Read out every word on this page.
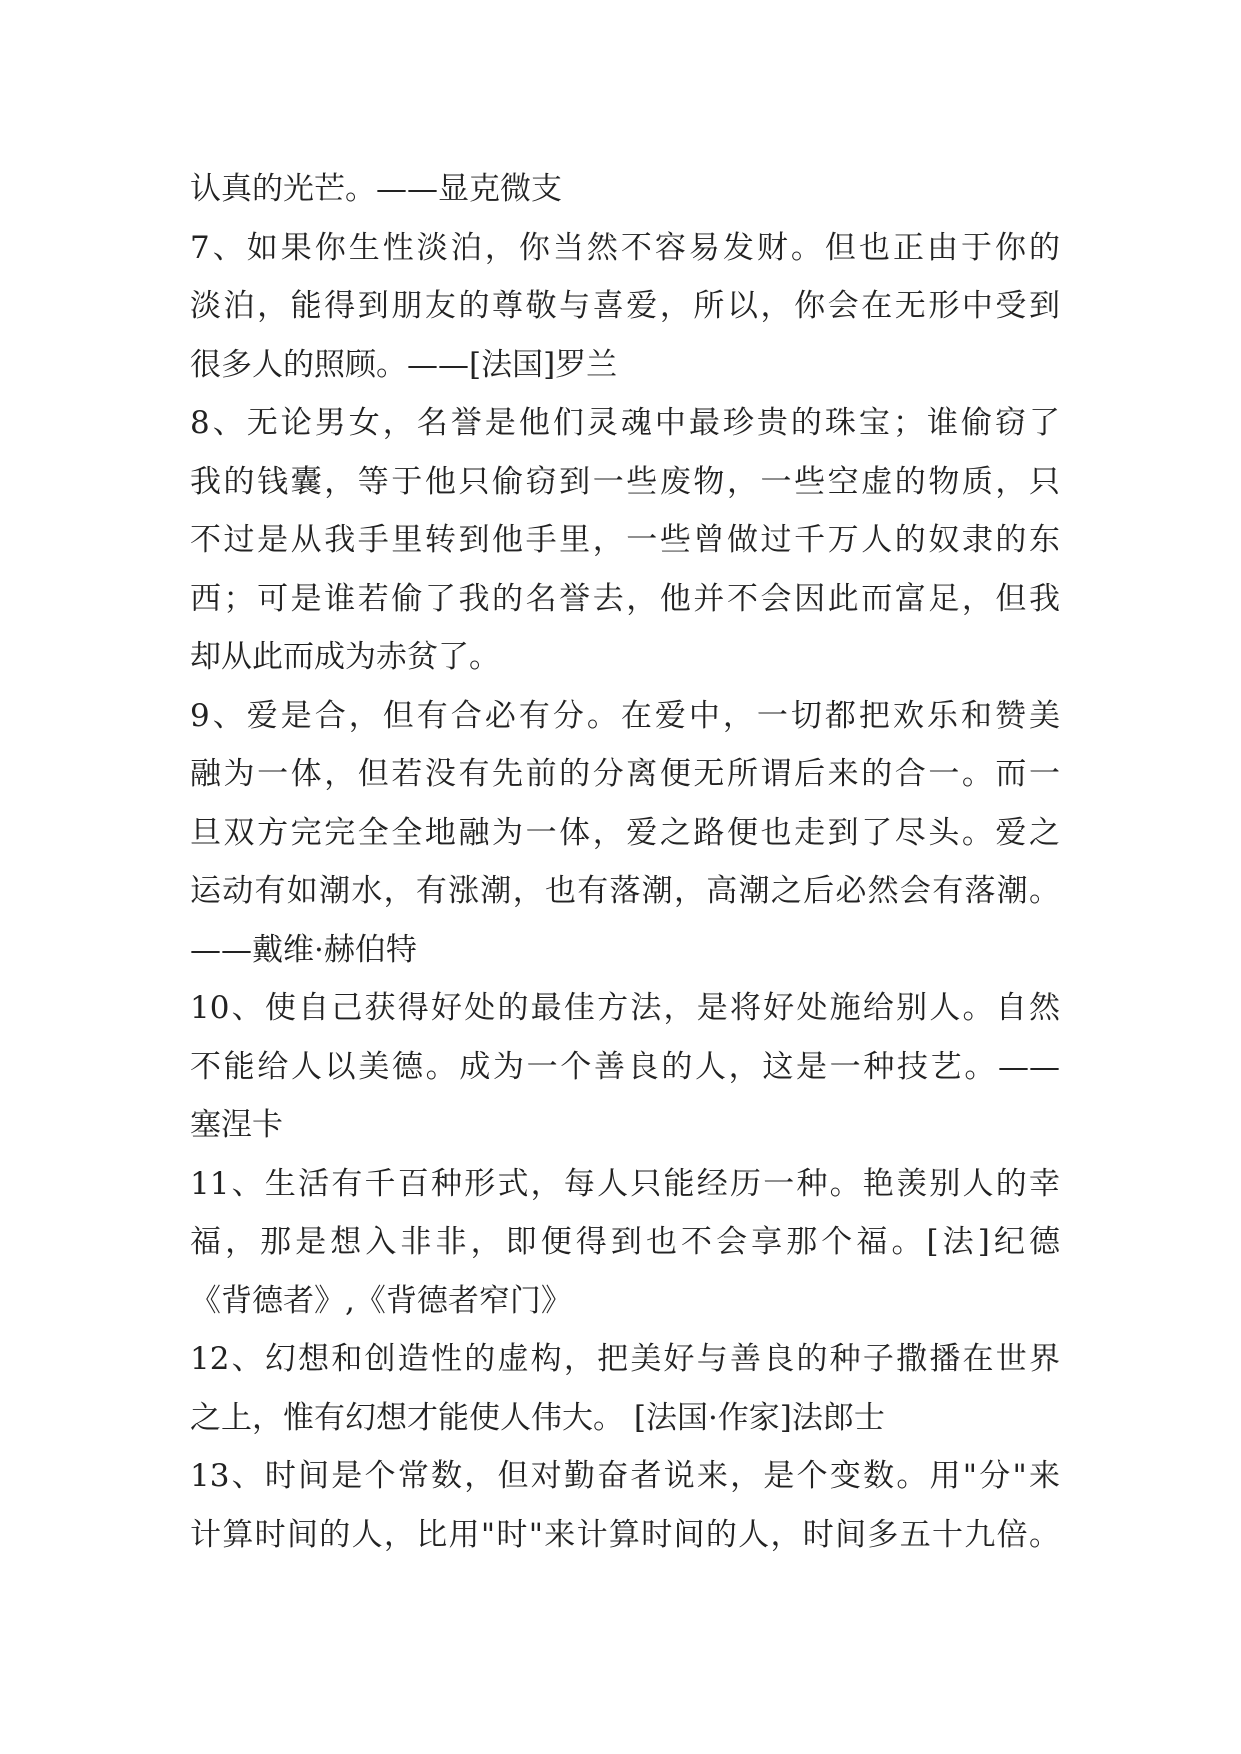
认真的光芒。——显克微支
7、如果你生性淡泊，你当然不容易发财。但也正由于你的
淡泊，能得到朋友的尊敬与喜爱，所以，你会在无形中受到
很多人的照顾。——[法国]罗兰
8、无论男女，名誉是他们灵魂中最珍贵的珠宝；谁偷窃了
我的钱囊，等于他只偷窃到一些废物，一些空虚的物质，只
不过是从我手里转到他手里，一些曾做过千万人的奴隶的东
西；可是谁若偷了我的名誉去，他并不会因此而富足，但我
却从此而成为赤贫了。
9、爱是合，但有合必有分。在爱中，一切都把欢乐和赞美
融为一体，但若没有先前的分离便无所谓后来的合一。而一
旦双方完完全全地融为一体，爱之路便也走到了尽头。爱之
运动有如潮水，有涨潮，也有落潮，高潮之后必然会有落潮。
——戴维·赫伯特
10、使自己获得好处的最佳方法，是将好处施给别人。自然
不能给人以美德。成为一个善良的人，这是一种技艺。——
塞涅卡
11、生活有千百种形式，每人只能经历一种。艳羡别人的幸
福，那是想入非非，即便得到也不会享那个福。[法]纪德
《背德者》,《背德者窄门》
12、幻想和创造性的虚构，把美好与善良的种子撒播在世界
之上，惟有幻想才能使人伟大。 [法国·作家]法郎士
13、时间是个常数，但对勤奋者说来，是个变数。用"分"来
计算时间的人，比用"时"来计算时间的人，时间多五十九倍。
